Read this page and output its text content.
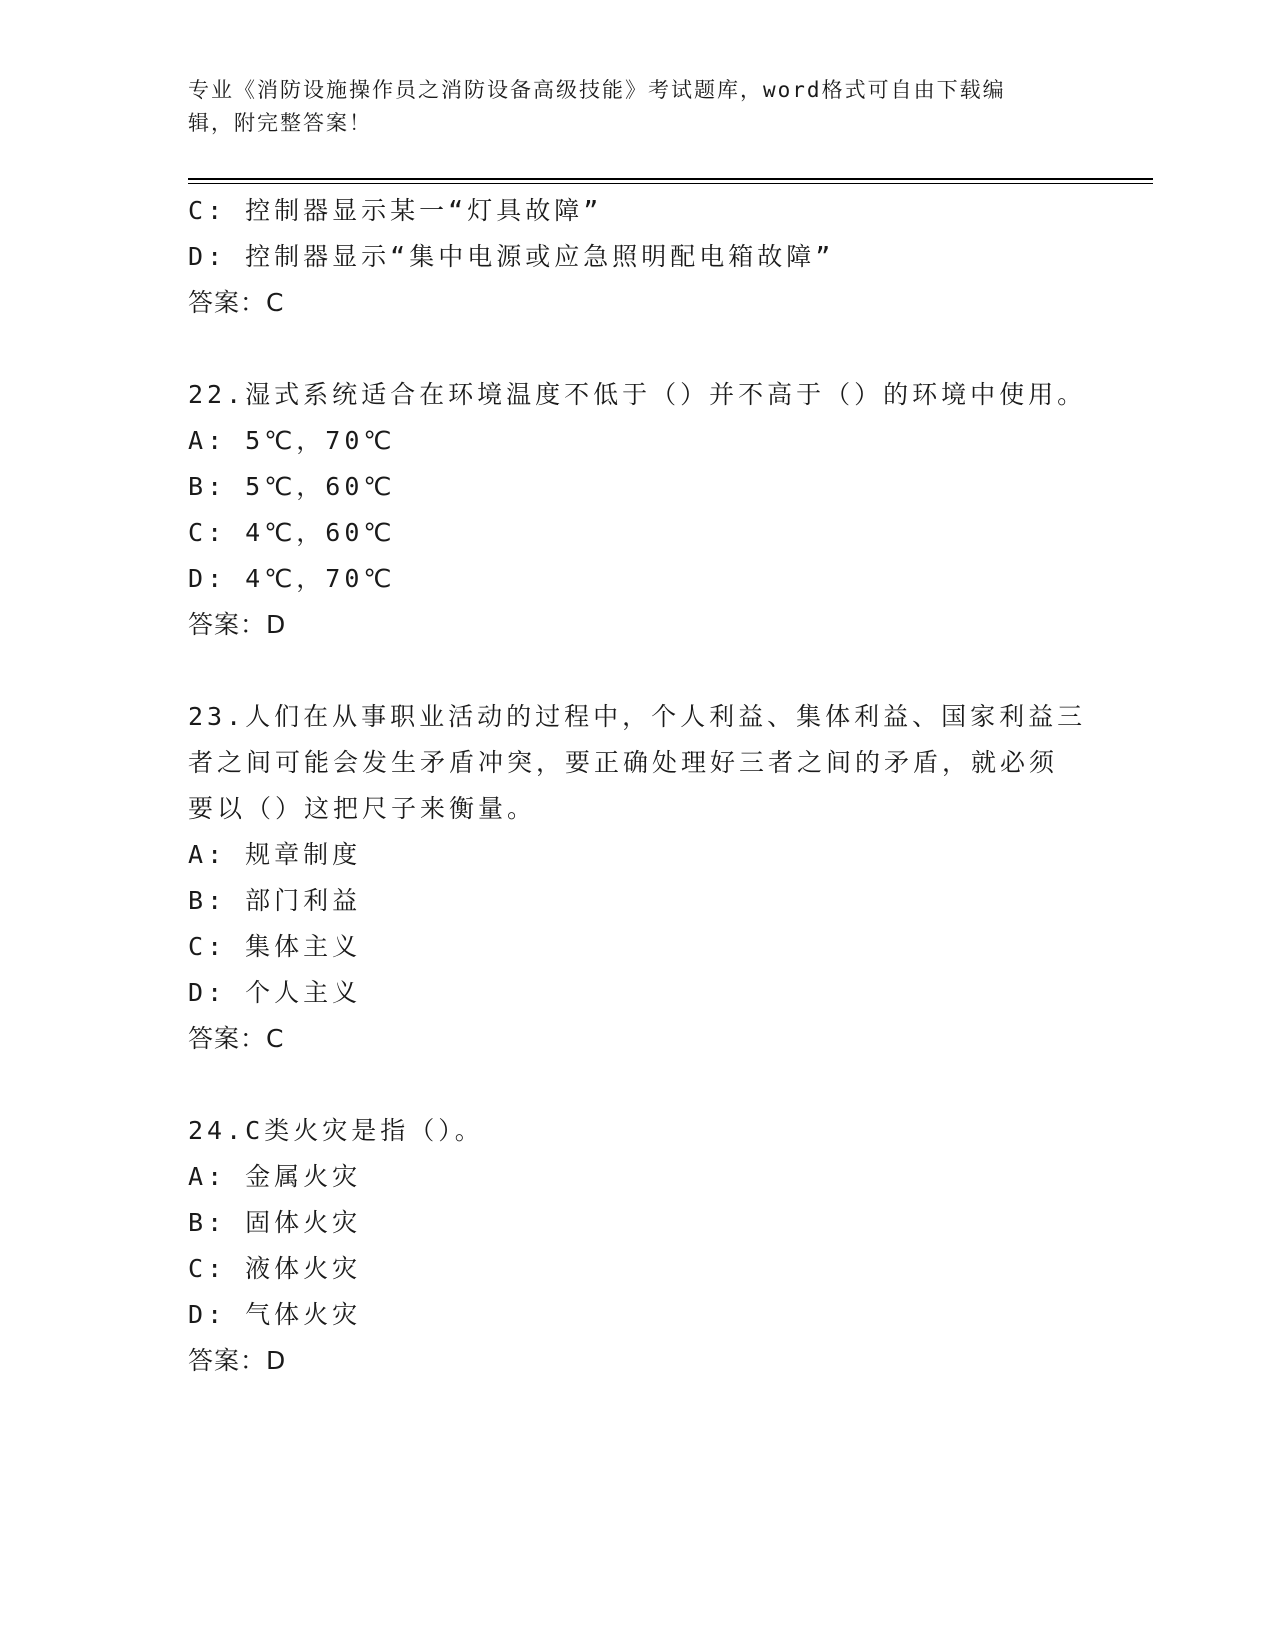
专业《消防设施操作员之消防设备高级技能》考试题库，word格式可自由下载编
辑，附完整答案！
C: 控制器显示某一“灯具故障”
D: 控制器显示“集中电源或应急照明配电箱故障”
答案：C
22.湿式系统适合在环境温度不低于（）并不高于（）的环境中使用。
A: 5℃，70℃
B: 5℃，60℃
C: 4℃，60℃
D: 4℃，70℃
答案：D
23.人们在从事职业活动的过程中，个人利益、集体利益、国家利益三
者之间可能会发生矛盾冲突，要正确处理好三者之间的矛盾，就必须
要以（）这把尺子来衡量。
A: 规章制度
B: 部门利益
C: 集体主义
D: 个人主义
答案：C
24.C类火灾是指（）。
A: 金属火灾
B: 固体火灾
C: 液体火灾
D: 气体火灾
答案：D
